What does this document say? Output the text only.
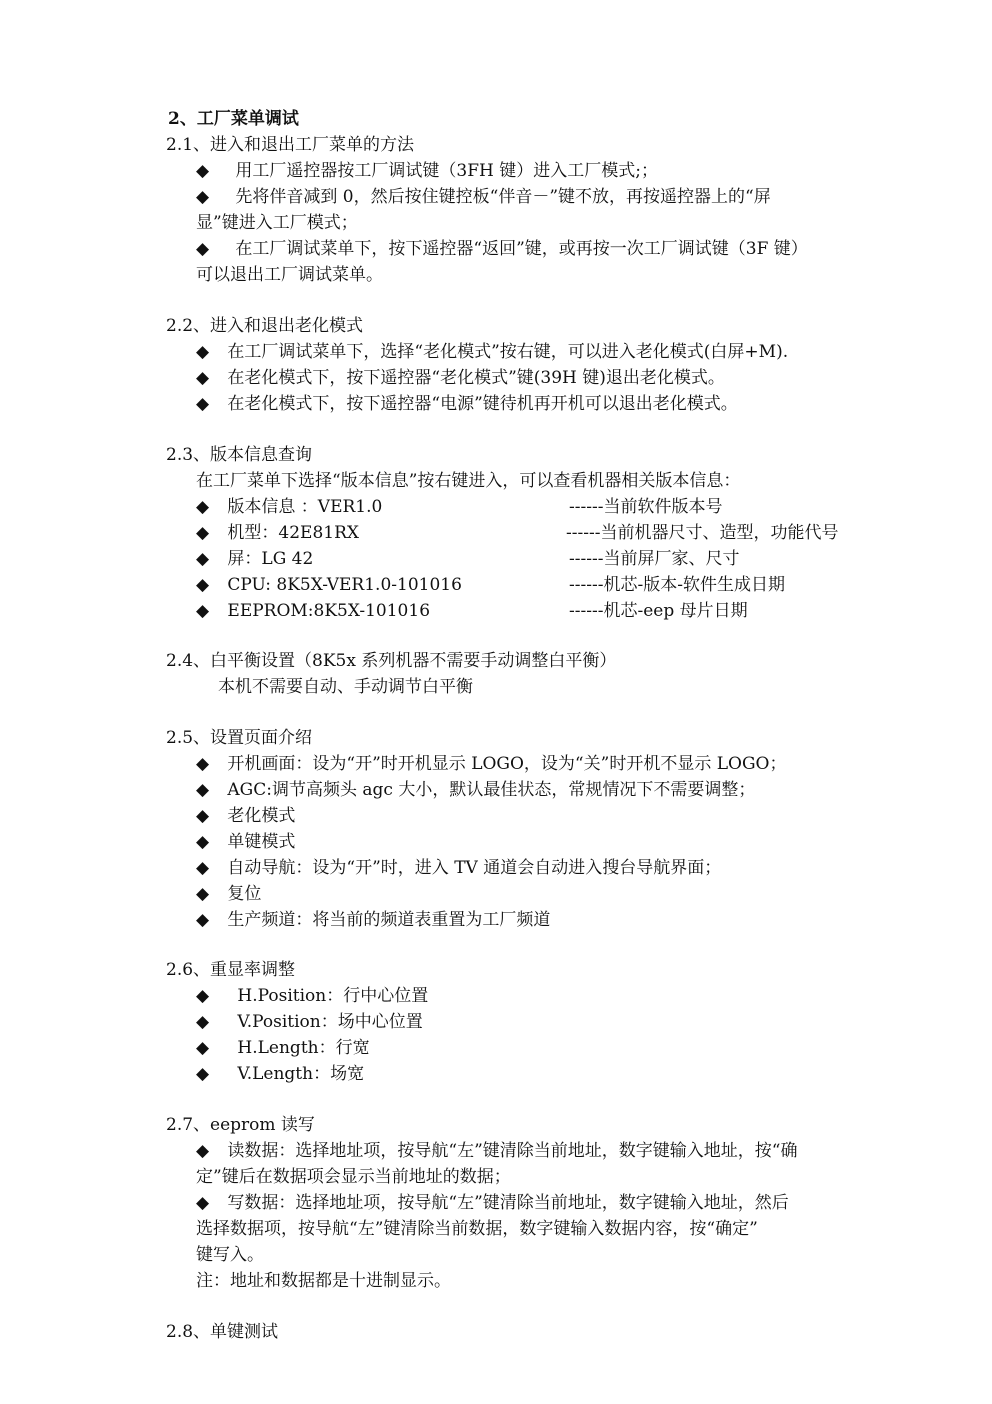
2、工厂菜单调试
2.1、进入和退出工厂菜单的方法
◆ 用工厂遥控器按工厂调试键（3FH 键）进入工厂模式;；
◆ 先将伴音减到 0，然后按住键控板“伴音－”键不放，再按遥控器上的“屏
显”键进入工厂模式；
◆ 在工厂调试菜单下，按下遥控器“返回”键，或再按一次工厂调试键（3F 键）
可以退出工厂调试菜单。
2.2、进入和退出老化模式
◆ 在工厂调试菜单下，选择“老化模式”按右键，可以进入老化模式(白屏+M).
◆ 在老化模式下，按下遥控器“老化模式”键(39H 键)退出老化模式。
◆ 在老化模式下，按下遥控器“电源”键待机再开机可以退出老化模式。
2.3、版本信息查询
在工厂菜单下选择“版本信息”按右键进入，可以查看机器相关版本信息：
◆ 版本信息 ：VER1.0	------当前软件版本号
◆ 机型：42E81RX	------当前机器尺寸、造型，功能代号
◆ 屏：LG 42	------当前屏厂家、尺寸
◆ CPU: 8K5X-VER1.0-101016	------机芯-版本-软件生成日期
◆ EEPROM:8K5X-101016	------机芯-eep 母片日期
2.4、白平衡设置（8K5x 系列机器不需要手动调整白平衡）
本机不需要自动、手动调节白平衡
2.5、设置页面介绍
◆ 开机画面：设为“开”时开机显示 LOGO，设为“关”时开机不显示 LOGO；
◆ AGC:调节高频头 agc 大小，默认最佳状态，常规情况下不需要调整；
◆ 老化模式
◆ 单键模式
◆ 自动导航：设为“开”时，进入 TV 通道会自动进入搜台导航界面；
◆ 复位
◆ 生产频道：将当前的频道表重置为工厂频道
2.6、重显率调整
◆ H.Position：行中心位置
◆ V.Position：场中心位置
◆ H.Length：行宽
◆ V.Length：场宽
2.7、eeprom 读写
◆ 读数据：选择地址项，按导航“左”键清除当前地址，数字键输入地址，按“确
定”键后在数据项会显示当前地址的数据；
◆ 写数据：选择地址项，按导航“左”键清除当前地址，数字键输入地址，然后
选择数据项，按导航“左”键清除当前数据，数字键输入数据内容，按“确定”
键写入。
注：地址和数据都是十进制显示。
2.8、单键测试
